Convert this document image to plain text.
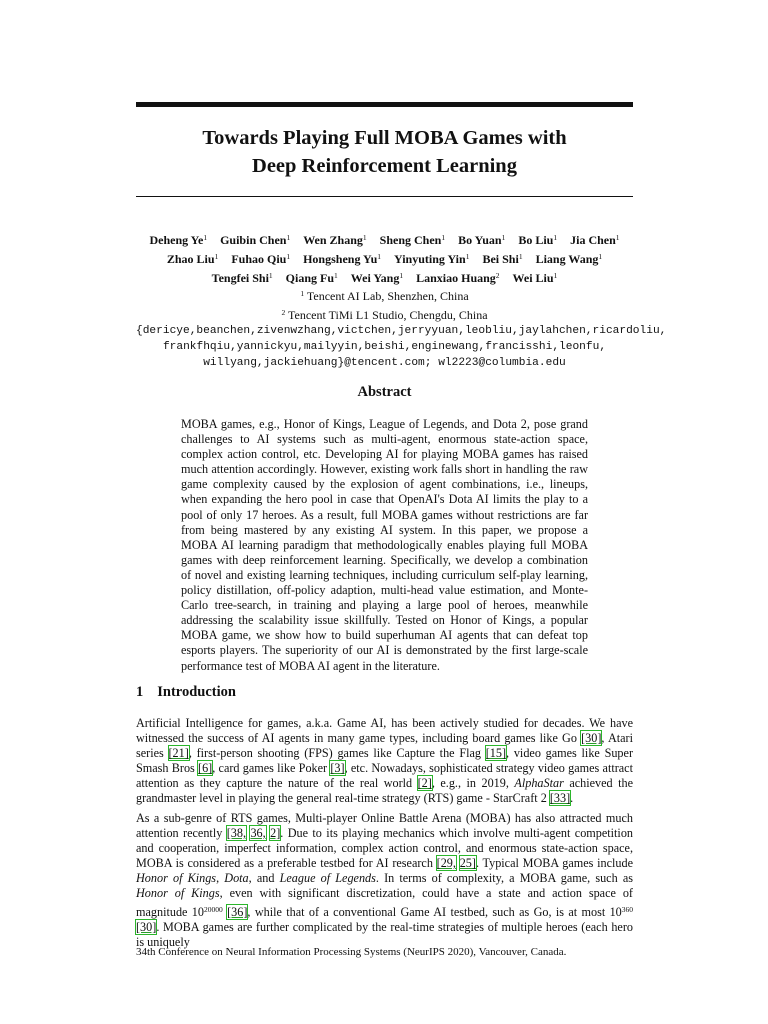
Towards Playing Full MOBA Games with
Deep Reinforcement Learning
Deheng Ye$^1$ Guibin Chen$^1$ Wen Zhang$^1$ Sheng Chen$^1$ Bo Yuan$^1$ Bo Liu$^1$ Jia Chen$^1$
Zhao Liu$^1$ Fuhao Qiu$^1$ Hongsheng Yu$^1$ Yinyuting Yin$^1$ Bei Shi$^1$ Liang Wang$^1$
Tengfei Shi$^1$ Qiang Fu$^1$ Wei Yang$^1$ Lanxiao Huang$^2$ Wei Liu$^1$
$^1$ Tencent AI Lab, Shenzhen, China
$^2$ Tencent TiMi L1 Studio, Chengdu, China
{dericye,beanchen,zivenwzhang,victchen,jerryyuan,leobliu,jaylahchen,ricardoliu,
frankfhqiu,yannickyu,mailyyin,beishi,enginewang,francisshi,leonfu,
willyang,jackiehuang}@tencent.com; wl2223@columbia.edu
Abstract
MOBA games, e.g., Honor of Kings, League of Legends, and Dota 2, pose grand challenges to AI systems such as multi-agent, enormous state-action space, complex action control, etc. Developing AI for playing MOBA games has raised much attention accordingly. However, existing work falls short in handling the raw game complexity caused by the explosion of agent combinations, i.e., lineups, when expanding the hero pool in case that OpenAI's Dota AI limits the play to a pool of only 17 heroes. As a result, full MOBA games without restrictions are far from being mastered by any existing AI system. In this paper, we propose a MOBA AI learning paradigm that methodologically enables playing full MOBA games with deep reinforcement learning. Specifically, we develop a combination of novel and existing learning techniques, including curriculum self-play learning, policy distillation, off-policy adaption, multi-head value estimation, and Monte-Carlo tree-search, in training and playing a large pool of heroes, meanwhile addressing the scalability issue skillfully. Tested on Honor of Kings, a popular MOBA game, we show how to build superhuman AI agents that can defeat top esports players. The superiority of our AI is demonstrated by the first large-scale performance test of MOBA AI agent in the literature.
1 Introduction
Artificial Intelligence for games, a.k.a. Game AI, has been actively studied for decades. We have witnessed the success of AI agents in many game types, including board games like Go [30], Atari series [21], first-person shooting (FPS) games like Capture the Flag [15], video games like Super Smash Bros [6], card games like Poker [3], etc. Nowadays, sophisticated strategy video games attract attention as they capture the nature of the real world [2], e.g., in 2019, AlphaStar achieved the grandmaster level in playing the general real-time strategy (RTS) game - StarCraft 2 [33].
As a sub-genre of RTS games, Multi-player Online Battle Arena (MOBA) has also attracted much attention recently [38, 36, 2]. Due to its playing mechanics which involve multi-agent competition and cooperation, imperfect information, complex action control, and enormous state-action space, MOBA is considered as a preferable testbed for AI research [29, 25]. Typical MOBA games include Honor of Kings, Dota, and League of Legends. In terms of complexity, a MOBA game, such as Honor of Kings, even with significant discretization, could have a state and action space of magnitude $10^{20000}$ [36], while that of a conventional Game AI testbed, such as Go, is at most $10^{360}$ [30]. MOBA games are further complicated by the real-time strategies of multiple heroes (each hero is uniquely
34th Conference on Neural Information Processing Systems (NeurIPS 2020), Vancouver, Canada.
